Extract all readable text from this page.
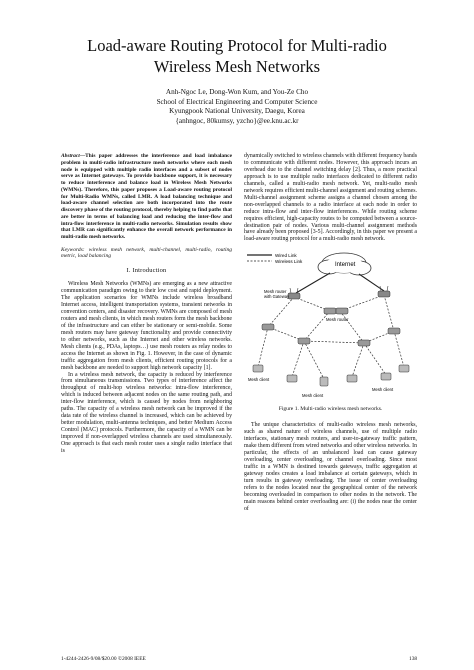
Load-aware Routing Protocol for Multi-radio
Wireless Mesh Networks
Anh-Ngoc Le, Dong-Won Kum, and You-Ze Cho
School of Electrical Engineering and Computer Science
Kyungpook National University, Daegu, Korea
{anhngoc, 80kumsy, yzcho}@ee.knu.ac.kr
Abstract—This paper addresses the interference and load imbalance problem in multi-radio infrastructure mesh networks where each mesh node is equipped with multiple radio interfaces and a subset of nodes serve as Internet gateways. To provide backbone support, it is necessary to reduce interference and balance load in Wireless Mesh Networks (WMNs). Therefore, this paper proposes a Load-aware routing protocol for Multi-Radio WMNs, called LMR. A load balancing technique and load-aware channel selection are both incorporated into the route discovery phase of the routing protocol, thereby helping to find paths that are better in terms of balancing load and reducing the inter-flow and intra-flow interference in multi-radio networks. Simulation results show that LMR can significantly enhance the overall network performance in multi-radio mesh networks.
Keywords: wireless mesh network, multi-channel, multi-radio, routing metric, load balancing
I. Introduction

Wireless Mesh Networks (WMNs) are emerging as a new attractive communication paradigm owing to their low cost and rapid deployment. The application scenarios for WMNs include wireless broadband Internet access, intelligent transportation systems, transient networks in convention centers, and disaster recovery. WMNs are composed of mesh routers and mesh clients, in which mesh routers form the mesh backbone of the infrastructure and can either be stationary or semi-mobile. Some mesh routers may have gateway functionality and provide connectivity to other networks, such as the Internet and other wireless networks. Mesh clients (e.g., PDAs, laptops…) use mesh routers as relay nodes to access the Internet as shown in Fig. 1. However, in the case of dynamic traffic aggregation from mesh clients, efficient routing protocols for a mesh backbone are needed to support high network capacity [1].

In a wireless mesh network, the capacity is reduced by interference from simultaneous transmissions. Two types of interference affect the throughput of multi-hop wireless networks: intra-flow interference, which is induced between adjacent nodes on the same routing path, and inter-flow interference, which is caused by nodes from neighboring paths. The capacity of a wireless mesh network can be improved if the data rate of the wireless channel is increased, which can be achieved by better modulation, multi-antenna techniques, and better Medium Access Control (MAC) protocols. Furthermore, the capacity of a WMN can be improved if non-overlapped wireless channels are used simultaneously. One approach is that each mesh router uses a single radio interface that is

dynamically switched to wireless channels with different frequency bands to communicate with different nodes. However, this approach incurs an overhead due to the channel switching delay [2]. Thus, a more practical approach is to use multiple radio interfaces dedicated to different radio channels, called a multi-radio mesh network. Yet, multi-radio mesh network requires efficient multi-channel assignment and routing schemes. Multi-channel assignment scheme assigns a channel chosen among the non-overlapped channels to a radio interface at each node in order to reduce intra-flow and inter-flow interferences. While routing scheme requires efficient, high-capacity routes to be computed between a source-destination pair of nodes. Various multi-channel assignment methods have already been proposed [3-5]. Accordingly, in this paper we present a load-aware routing protocol for a multi-radio mesh network.

Wired Link
Wireless Link
Internet
Mesh router with Gateway
Mesh router
Mesh client
Mesh client
Mesh client
Figure 1. Multi-radio wireless mesh networks.

The unique characteristics of multi-radio wireless mesh networks, such as shared nature of wireless channels, use of multiple radio interfaces, stationary mesh routers, and user-to-gateway traffic pattern, make them different from wired networks and other wireless networks. In particular, the effects of an unbalanced load can cause gateway overloading, center overloading, or channel overloading. Since most traffic in a WMN is destined towards gateways, traffic aggregation at gateway nodes creates a load imbalance at certain gateways, which in turn results in gateway overloading. The issue of center overloading refers to the nodes located near the geographical center of the network becoming overloaded in comparison to other nodes in the network. The main reasons behind center overloading are: (i) the nodes near the center of

1-4244-2426-9/08/$20.00 ©2008 IEEE	138
